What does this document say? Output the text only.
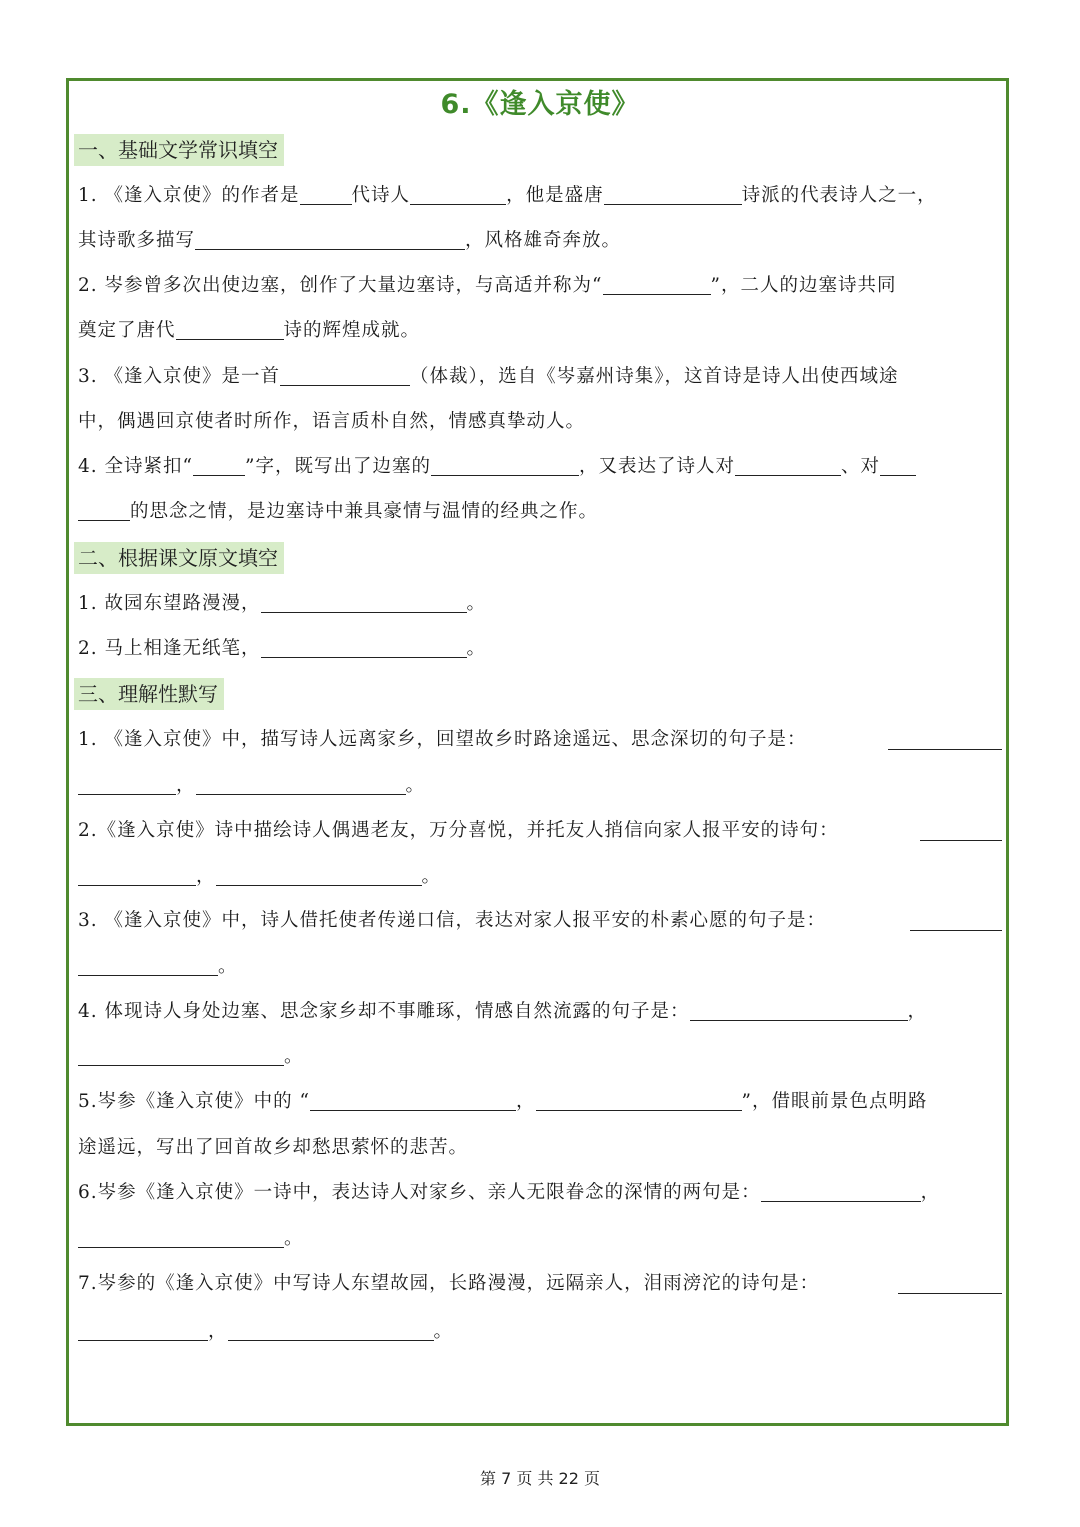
6.《逢入京使》
一、基础文学常识填空
1. 《逢入京使》的作者是	代诗人	，他是盛唐	诗派的代表诗人之一，
其诗歌多描写	，风格雄奇奔放。
2. 岑参曾多次出使边塞，创作了大量边塞诗，与高适并称为“	”，二人的边塞诗共同
奠定了唐代	诗的辉煌成就。
3. 《逢入京使》是一首	（体裁），选自《岑嘉州诗集》，这首诗是诗人出使西域途
中，偶遇回京使者时所作，语言质朴自然，情感真挚动人。
4. 全诗紧扣“	”字，既写出了边塞的	，又表达了诗人对	、对
的思念之情，是边塞诗中兼具豪情与温情的经典之作。
二、根据课文原文填空
1. 故园东望路漫漫，	。
2. 马上相逢无纸笔，	。
三、理解性默写
1. 《逢入京使》中，描写诗人远离家乡，回望故乡时路途遥远、思念深切的句子是：
，	。
2.《逢入京使》诗中描绘诗人偶遇老友，万分喜悦，并托友人捎信向家人报平安的诗句：
，	。
3. 《逢入京使》中，诗人借托使者传递口信，表达对家人报平安的朴素心愿的句子是：
。
4. 体现诗人身处边塞、思念家乡却不事雕琢，情感自然流露的句子是：	，
。
5.岑参《逢入京使》中的 “	，	”，借眼前景色点明路
途遥远，写出了回首故乡却愁思萦怀的悲苦。
6.岑参《逢入京使》一诗中，表达诗人对家乡、亲人无限眷念的深情的两句是：	，
。
7.岑参的《逢入京使》中写诗人东望故园，长路漫漫，远隔亲人，泪雨滂沱的诗句是：
，	。
第 7 页 共 22 页
